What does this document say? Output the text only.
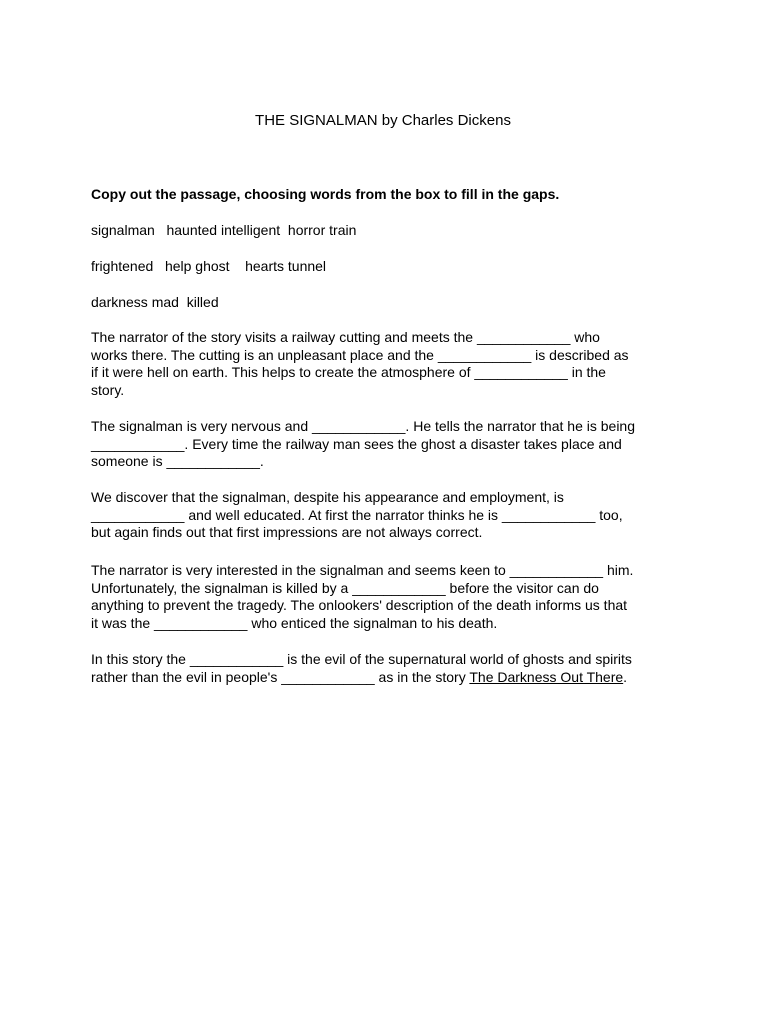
THE SIGNALMAN by Charles Dickens
Copy out the passage, choosing words from the box to fill in the gaps.
signalman   haunted intelligent  horror train
frightened   help ghost    hearts tunnel
darkness mad  killed
The narrator of the story visits a railway cutting and meets the ____________ who
works there. The cutting is an unpleasant place and the ____________ is described as
if it were hell on earth. This helps to create the atmosphere of ____________ in the
story.
The signalman is very nervous and ____________. He tells the narrator that he is being
____________. Every time the railway man sees the ghost a disaster takes place and
someone is ____________.
We discover that the signalman, despite his appearance and employment, is
____________ and well educated. At first the narrator thinks he is ____________ too,
but again finds out that first impressions are not always correct.
The narrator is very interested in the signalman and seems keen to ____________ him.
Unfortunately, the signalman is killed by a ____________ before the visitor can do
anything to prevent the tragedy. The onlookers' description of the death informs us that
it was the ____________ who enticed the signalman to his death.
In this story the ____________ is the evil of the supernatural world of ghosts and spirits
rather than the evil in people's ____________ as in the story The Darkness Out There.
